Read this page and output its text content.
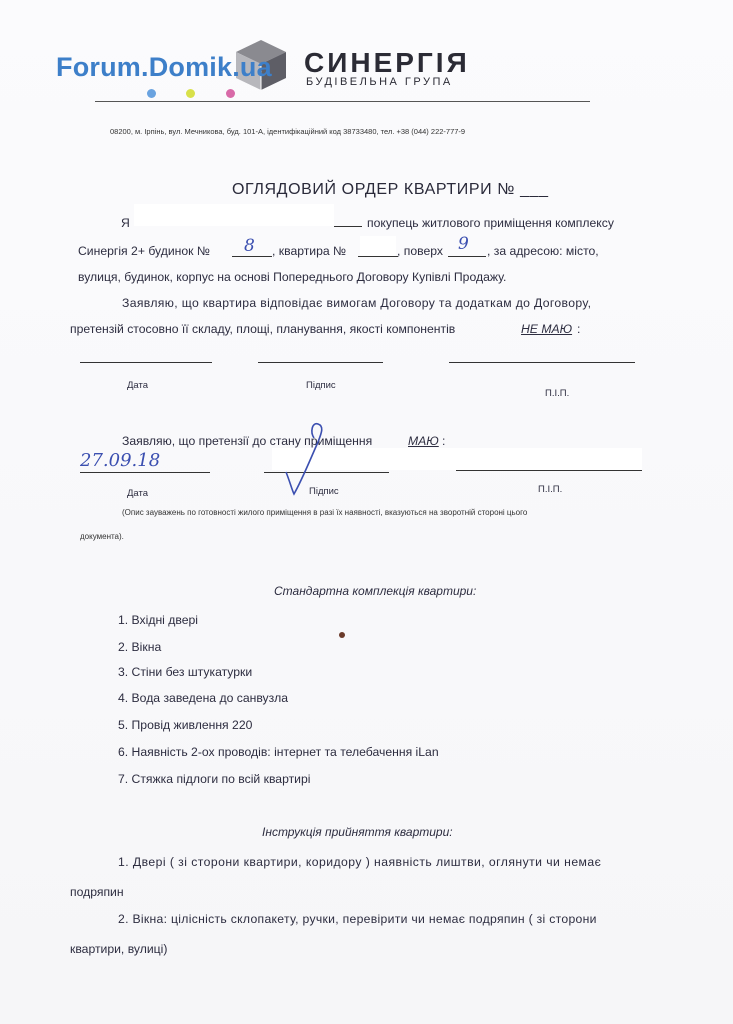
СИНЕРГІЯ
БУДІВЕЛЬНА ГРУПА
Forum.Domik.ua
08200, м. Ірпінь, вул. Мечникова, буд. 101-А, ідентифікаційний код 38733480, тел. +38 (044) 222-777-9
ОГЛЯДОВИЙ ОРДЕР КВАРТИРИ № ___
Я	покупець житлового приміщення комплексу
Синергія 2+ будинок № 8 , квартира №	, поверх 9 , за адресою: місто,
вулиця, будинок, корпус на основі Попереднього Договору Купівлі Продажу.
Заявляю, що квартира відповідає вимогам Договору та додаткам до Договору,
претензій стосовно її складу, площі, планування, якості компонентів	НЕ МАЮ :
Дата	Підпис
П.І.П.
Заявляю, що претензії до стану приміщення	МАЮ :
27.09.18
Дата	Підпис	П.І.П.
(Опис зауважень по готовності жилого приміщення в разі їх наявності, вказуються на зворотній стороні цього
документа).
Стандартна комплекція квартири:
1. Вхідні двері
2. Вікна
3. Стіни без штукатурки
4. Вода заведена до санвузла
5. Провід живлення 220
6. Наявність 2-ох проводів: інтернет та телебачення iLan
7. Стяжка підлоги по всій квартирі
Інструкція прийняття квартири:
1. Двері ( зі сторони квартири, коридору ) наявність лиштви, оглянути чи немає
подряпин
2. Вікна: цілісність склопакету, ручки, перевірити чи немає подряпин ( зі сторони
квартири, вулиці)
